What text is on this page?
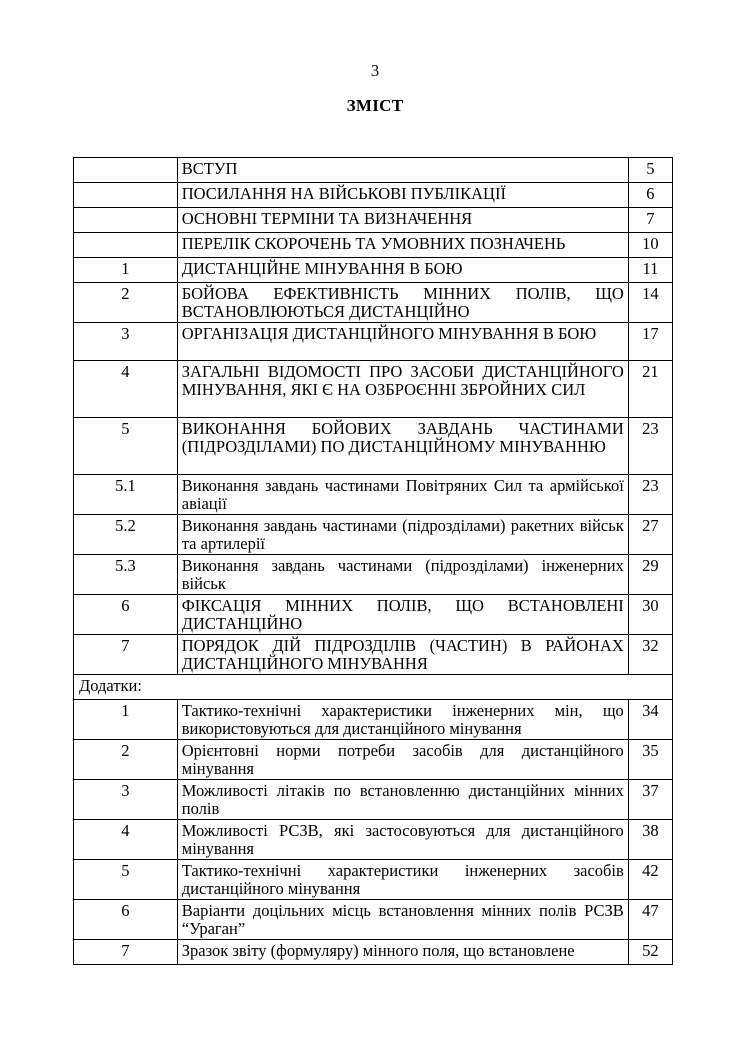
3
ЗМІСТ
	ВСТУП	5
	ПОСИЛАННЯ НА ВІЙСЬКОВІ ПУБЛІКАЦІЇ	6
	ОСНОВНІ ТЕРМІНИ ТА ВИЗНАЧЕННЯ	7
	ПЕРЕЛІК СКОРОЧЕНЬ ТА УМОВНИХ ПОЗНАЧЕНЬ	10
1	ДИСТАНЦІЙНЕ МІНУВАННЯ В БОЮ	11
2	БОЙОВА ЕФЕКТИВНІСТЬ МІННИХ ПОЛІВ, ЩО ВСТАНОВЛЮЮТЬСЯ ДИСТАНЦІЙНО	14
3	ОРГАНІЗАЦІЯ ДИСТАНЦІЙНОГО МІНУВАННЯ В БОЮ	17
4	ЗАГАЛЬНІ ВІДОМОСТІ ПРО ЗАСОБИ ДИСТАНЦІЙНОГО МІНУВАННЯ, ЯКІ Є НА ОЗБРОЄННІ ЗБРОЙНИХ СИЛ	21
5	ВИКОНАННЯ БОЙОВИХ ЗАВДАНЬ ЧАСТИНАМИ (ПІДРОЗДІЛАМИ) ПО ДИСТАНЦІЙНОМУ МІНУВАННЮ	23
5.1	Виконання завдань частинами Повітряних Сил та армійської авіації	23
5.2	Виконання завдань частинами (підрозділами) ракетних військ та артилерії	27
5.3	Виконання завдань частинами (підрозділами) інженерних військ	29
6	ФІКСАЦІЯ МІННИХ ПОЛІВ, ЩО ВСТАНОВЛЕНІ ДИСТАНЦІЙНО	30
7	ПОРЯДОК ДІЙ ПІДРОЗДІЛІВ (ЧАСТИН) В РАЙОНАХ ДИСТАНЦІЙНОГО МІНУВАННЯ	32
Додатки:		
1	Тактико-технічні характеристики інженерних мін, що використовуються для дистанційного мінування	34
2	Орієнтовні норми потреби засобів для дистанційного мінування	35
3	Можливості літаків по встановленню дистанційних мінних полів	37
4	Можливості РСЗВ, які застосовуються для дистанційного мінування	38
5	Тактико-технічні характеристики інженерних засобів дистанційного мінування	42
6	Варіанти доцільних місць встановлення мінних полів РСЗВ “Ураган”	47
7	Зразок звіту (формуляру) мінного поля, що встановлене	52
